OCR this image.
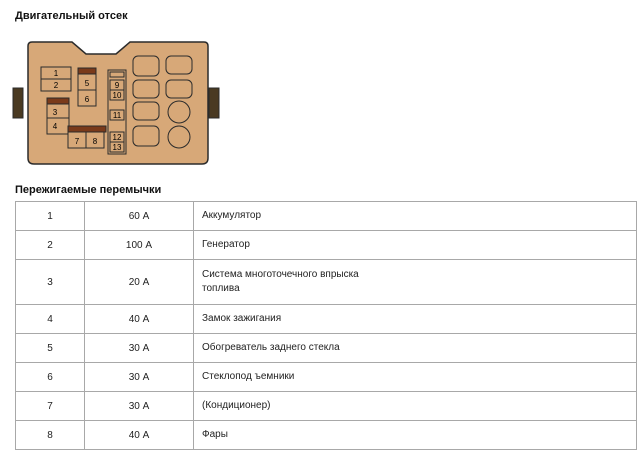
Двигательный отсек
1
2
3
4
5
6
7 8
9
10
11
12
13
Пережигаемые перемычки
1	60 А	Аккумулятор
2	100 А	Генератор
3	20 А	Система многоточечного впрыска топлива

4	40 А	Замок зажигания
5	30 А	Обогреватель заднего стекла
6	30 А	Стеклопод ъемники
7	30 А	(Кондиционер)
8	40 А	Фары
